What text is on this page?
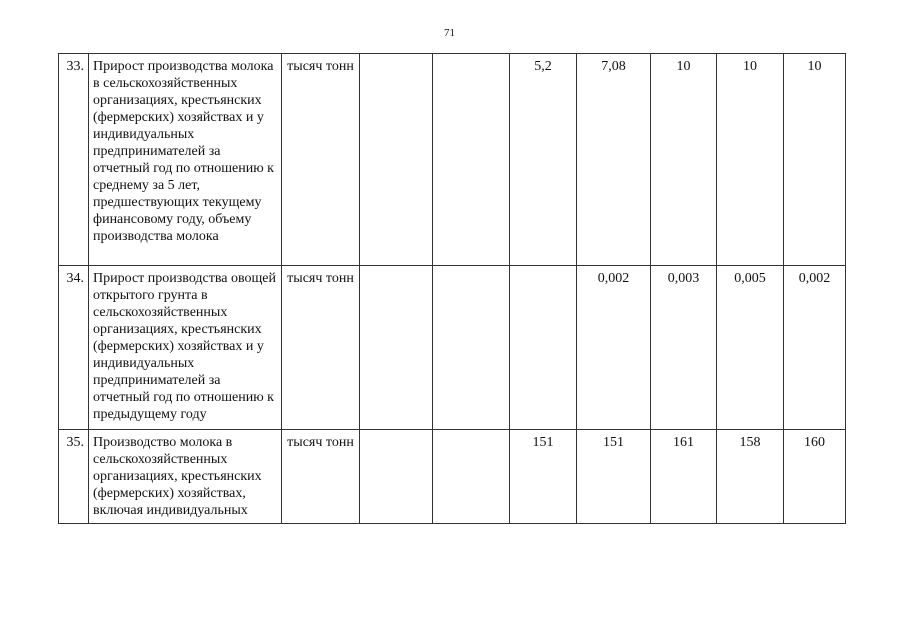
71
33.	Прирост производства молока в сельскохозяйственных организациях, крестьянских (фермерских) хозяйствах и у индивидуальных предпринимателей за отчетный год по отношению к среднему за 5 лет, предшествующих текущему финансовому году, объему производства молока	тысяч тонн			5,2	7,08	10	10	10
34.	Прирост производства овощей открытого грунта в сельскохозяйственных организациях, крестьянских (фермерских) хозяйствах и у индивидуальных предпринимателей за отчетный год по отношению к предыдущему году	тысяч тонн				0,002	0,003	0,005	0,002
35.	Производство молока в сельскохозяйственных организациях, крестьянских (фермерских) хозяйствах, включая индивидуальных	тысяч тонн			151	151	161	158	160
